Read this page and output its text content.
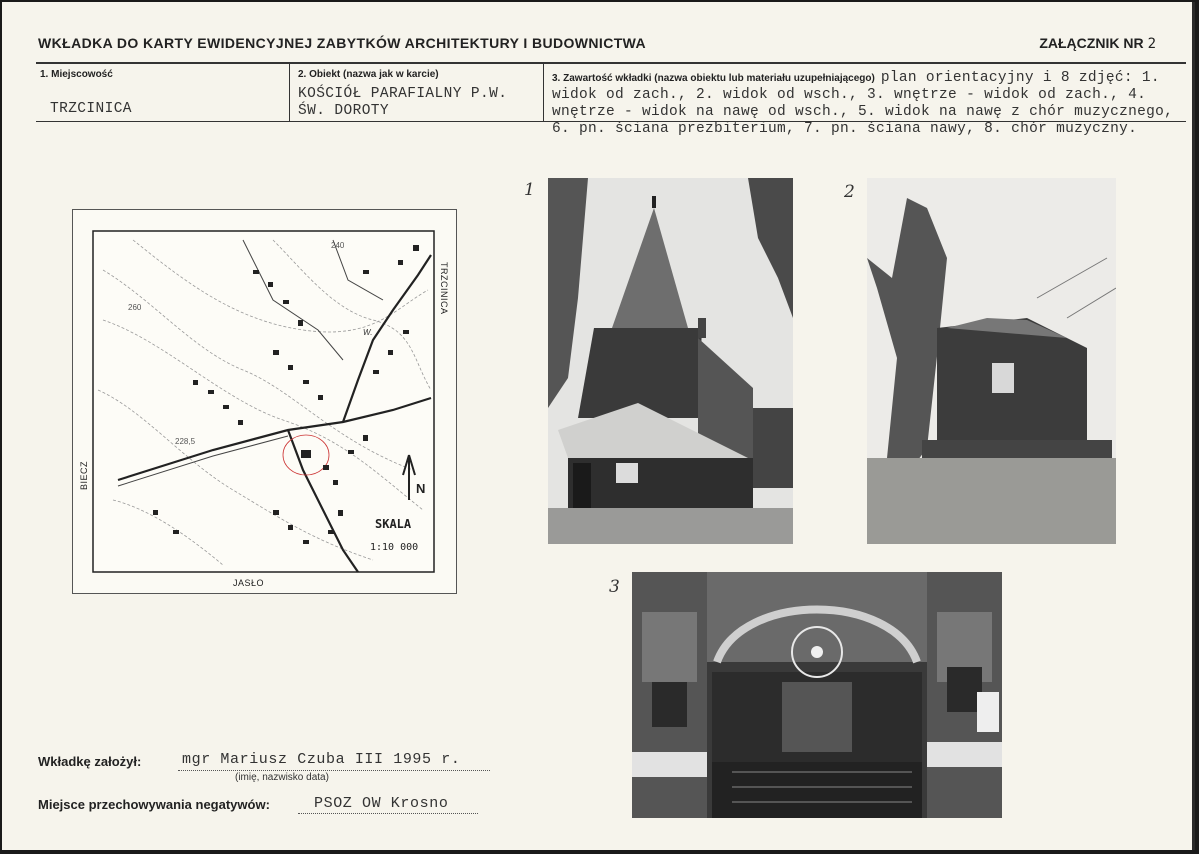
WKŁADKA DO KARTY EWIDENCYJNEJ ZABYTKÓW ARCHITEKTURY I BUDOWNICTWA	ZAŁĄCZNIK NR 2
1. Miejscowość
TRZCINICA
2. Obiekt (nazwa jak w karcie)
KOŚCIÓŁ PARAFIALNY P.W.
ŚW. DOROTY
3. Zawartość wkładki (nazwa obiektu lub materiału uzupełniającego) plan orientacyjny i 8 zdjęć: 1. widok od zach., 2. widok od wsch., 3. wnętrze - widok od zach., 4. wnętrze - widok na nawę od wsch., 5. widok na nawę z chór muzycznego, 6. pn. ściana prezbiterium, 7. pn. ściana nawy, 8. chór muzyczny.
N
SKALA
1:10 000
240
260
228,5
W.
TRZCINICA
BIECZ
JASŁO
1	2
3
Wkładkę założył:	mgr Mariusz Czuba III 1995 r.
(imię, nazwisko data)
Miejsce przechowywania negatywów:	PSOZ OW Krosno
